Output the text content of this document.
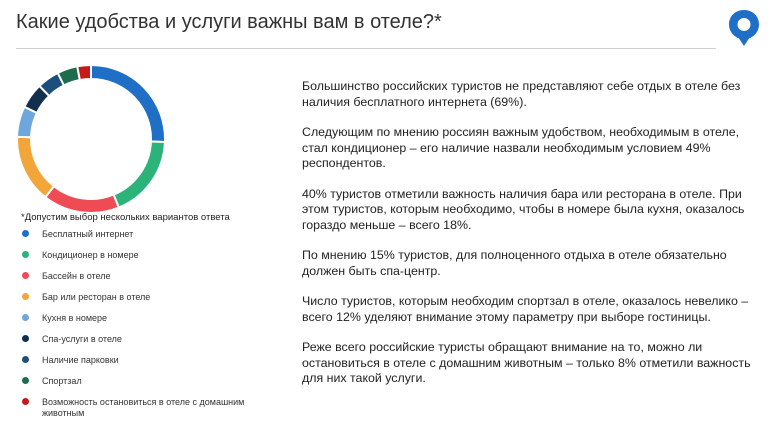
Какие удобства и услуги важны вам в отеле?*
*Допустим выбор нескольких вариантов ответа
Бесплатный интернет
Кондиционер в номере
Бассейн в отеле
Бар или ресторан в отеле
Кухня в номере
Спа-услуги в отеле
Наличие парковки
Спортзал
Возможность остановиться в отеле с домашним животным

Большинство российских туристов не представляют себе отдых в отеле без наличия бесплатного интернета (69%).

Следующим по мнению россиян важным удобством, необходимым в отеле, стал кондиционер – его наличие назвали необходимым условием 49% респондентов.

40% туристов отметили важность наличия бара или ресторана в отеле. При этом туристов, которым необходимо, чтобы в номере была кухня, оказалось гораздо меньше – всего 18%.

По мнению 15% туристов, для полноценного отдыха в отеле обязательно должен быть спа-центр.

Число туристов, которым необходим спортзал в отеле, оказалось невелико – всего 12% уделяют внимание этому параметру при выборе гостиницы.

Реже всего российские туристы обращают внимание на то, можно ли остановиться в отеле с домашним животным – только 8% отметили важность для них такой услуги.
